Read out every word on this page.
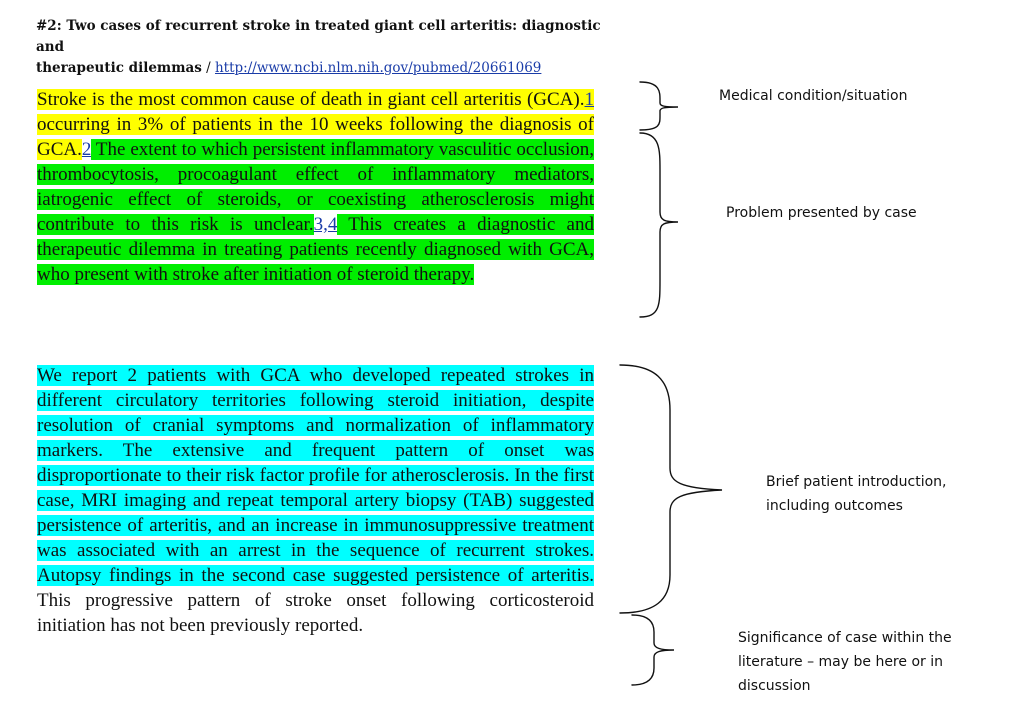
#2: Two cases of recurrent stroke in treated giant cell arteritis: diagnostic and
therapeutic dilemmas / http://www.ncbi.nlm.nih.gov/pubmed/20661069
Stroke is the most common cause of death in giant cell arteritis (GCA).1 occurring in 3% of patients in the 10 weeks following the diagnosis of GCA.2 The extent to which persistent inflammatory vasculitic occlusion, thrombocytosis, procoagulant effect of inflammatory mediators, iatrogenic effect of steroids, or coexisting atherosclerosis might contribute to this risk is unclear.3,4 This creates a diagnostic and therapeutic dilemma in treating patients recently diagnosed with GCA, who present with stroke after initiation of steroid therapy.
We report 2 patients with GCA who developed repeated strokes in different circulatory territories following steroid initiation, despite resolution of cranial symptoms and normalization of inflammatory markers. The extensive and frequent pattern of onset was disproportionate to their risk factor profile for atherosclerosis. In the first case, MRI imaging and repeat temporal artery biopsy (TAB) suggested persistence of arteritis, and an increase in immunosuppressive treatment was associated with an arrest in the sequence of recurrent strokes. Autopsy findings in the second case suggested persistence of arteritis. This progressive pattern of stroke onset following corticosteroid initiation has not been previously reported.
Medical condition/situation
Problem presented by case
Brief patient introduction, including outcomes
Significance of case within the literature – may be here or in discussion
